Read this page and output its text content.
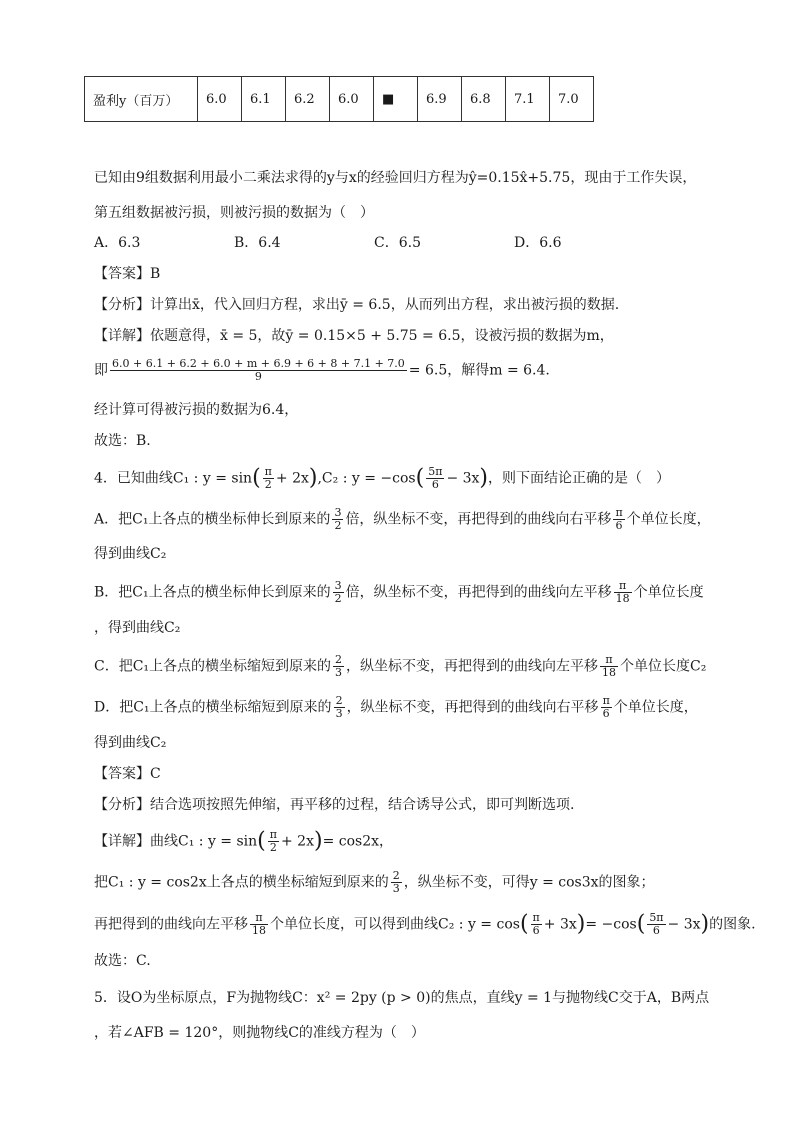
盈利y（百万）	6.0	6.1	6.2	6.0	■	6.9	6.8	7.1	7.0
已知由9组数据利用最小二乘法求得的y与x的经验回归方程为ŷ=0.15x̂+5.75，现由于工作失误，
第五组数据被污损，则被污损的数据为（　）
A．6.3	B．6.4	C．6.5	D．6.6
【答案】B
【分析】计算出x̄，代入回归方程，求出ȳ = 6.5，从而列出方程，求出被污损的数据.
【详解】依题意得，x̄ = 5，故ȳ = 0.15×5 + 5.75 = 6.5，设被污损的数据为m，
即 $\frac{6.0 + 6.1 + 6.2 + 6.0 + m + 6.9 + 6 + 8 + 7.1 + 7.0}{9} = 6.5$，解得m = 6.4.
经计算可得被污损的数据为6.4，
故选：B.
4．已知曲线C₁ : $y = \sin( \frac{\pi}{2} + 2x),C_2$ : $y = -\cos( \frac{5\pi}{6} - 3x)$，则下面结论正确的是（　）
A．把C₁上各点的横坐标伸长到原来的 $\frac{3}{2}$ 倍，纵坐标不变，再把得到的曲线向右平移 $\frac{\pi}{6}$ 个单位长度，
得到曲线C₂
B．把C₁上各点的横坐标伸长到原来的 $\frac{3}{2}$ 倍，纵坐标不变，再把得到的曲线向左平移 $\frac{\pi}{18}$ 个单位长度
，得到曲线C₂
C．把C₁上各点的横坐标缩短到原来的 $\frac{2}{3}$ ，纵坐标不变，再把得到的曲线向左平移 $\frac{\pi}{18}$ 个单位长度C₂
D．把C₁上各点的横坐标缩短到原来的 $\frac{2}{3}$ ，纵坐标不变，再把得到的曲线向右平移 $\frac{\pi}{6}$ 个单位长度，
得到曲线C₂
【答案】C
【分析】结合选项按照先伸缩，再平移的过程，结合诱导公式，即可判断选项.
【详解】曲线C₁ : $y = \sin( \frac{\pi}{2} + 2x)= \cos 2x$，
把C₁ : y = cos2x上各点的横坐标缩短到原来的 $\frac{2}{3}$ ，纵坐标不变，可得y = cos3x的图象；
再把得到的曲线向左平移 $\frac{\pi}{18}$ 个单位长度，可以得到曲线C₂ : $y = \cos( \frac{\pi}{6} + 3x)= -\cos( \frac{5\pi}{6} - 3x)$的图象.
故选：C.
5．设O为坐标原点，F为抛物线C：x² = 2py (p > 0)的焦点，直线y = 1与抛物线C交于A，B两点
，若∠AFB = 120°，则抛物线C的准线方程为（　）
